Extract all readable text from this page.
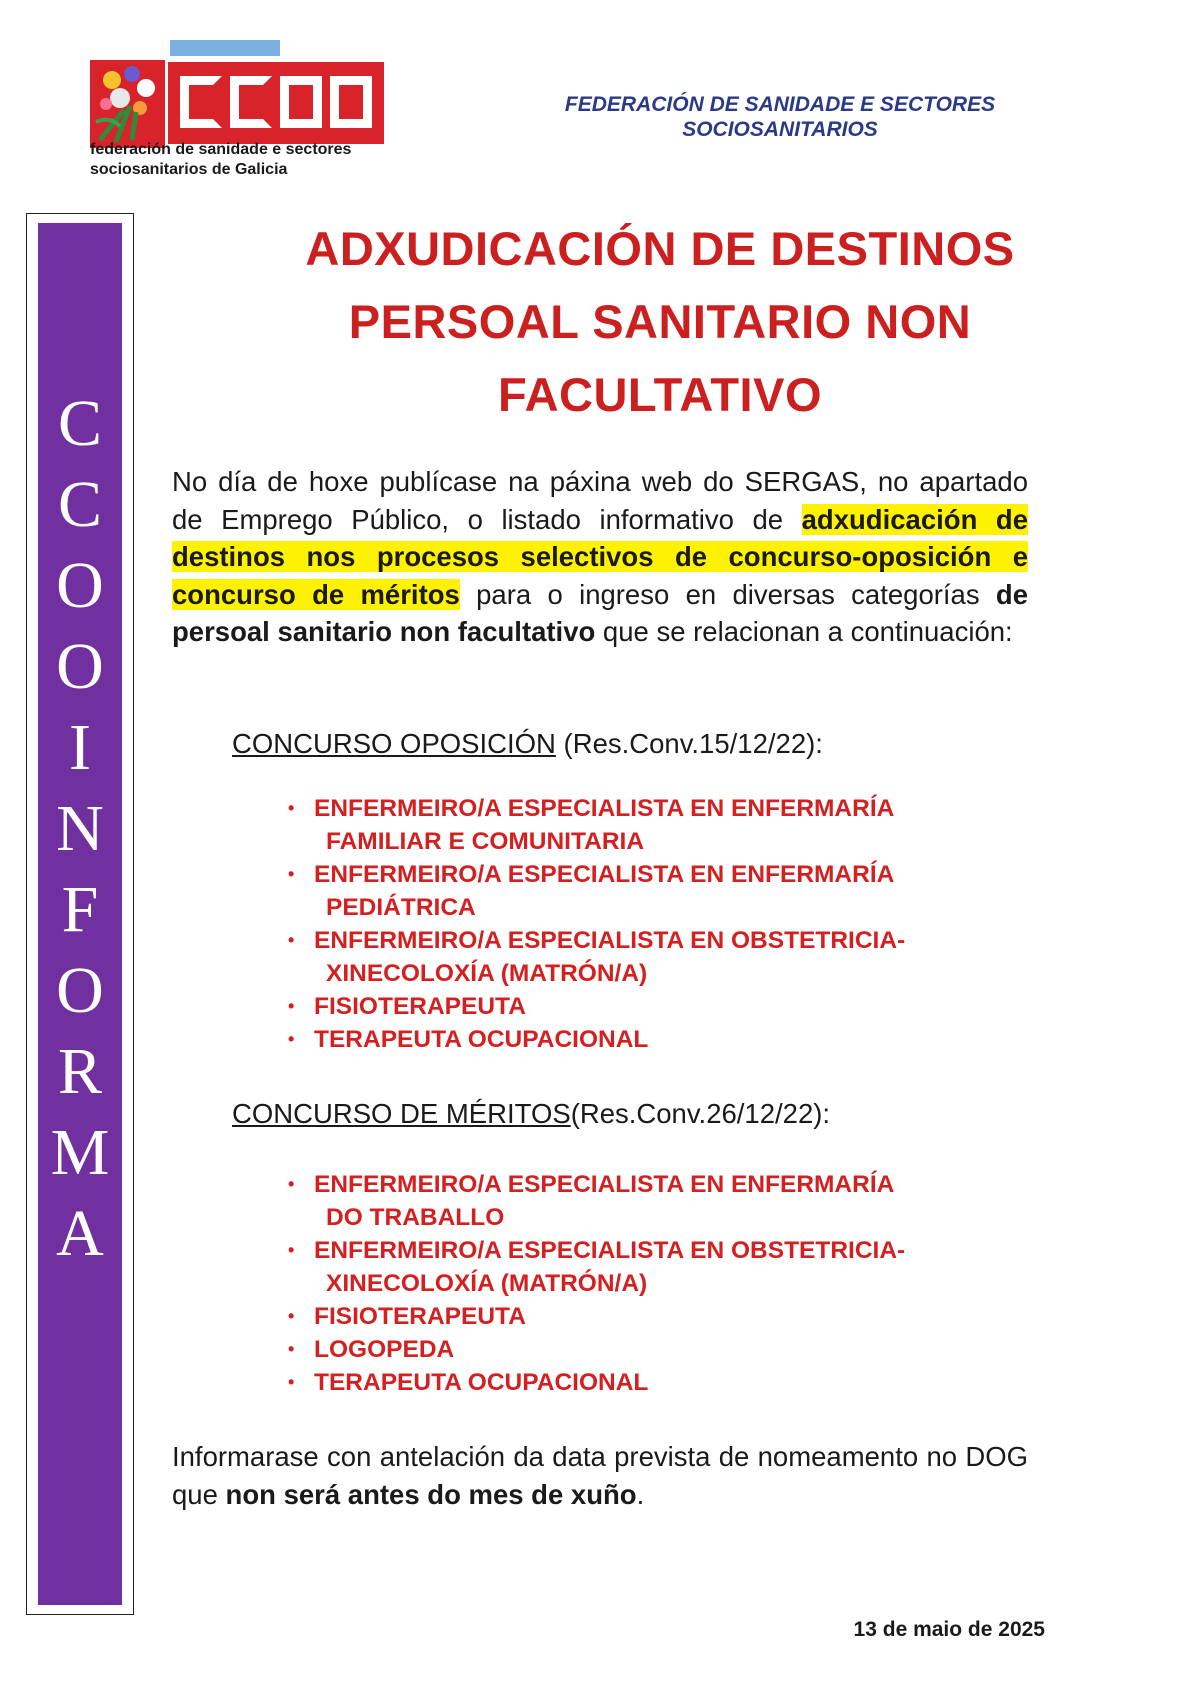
federación de sanidade e sectores
sociosanitarios de Galicia
FEDERACIÓN DE SANIDADE E SECTORES
SOCIOSANITARIOS
C
C
O
O
I
N
F
O
R
M
A
ADXUDICACIÓN DE DESTINOS
PERSOAL SANITARIO NON
FACULTATIVO
No día de hoxe publícase na páxina web do SERGAS, no apartado de Emprego Público, o listado informativo de adxudicación de destinos nos procesos selectivos de concurso-oposición e concurso de méritos para o ingreso en diversas categorías de persoal sanitario non facultativo que se relacionan a continuación:
CONCURSO OPOSICIÓN (Res.Conv.15/12/22):
• ENFERMEIRO/A ESPECIALISTA EN ENFERMARÍA
FAMILIAR E COMUNITARIA
• ENFERMEIRO/A ESPECIALISTA EN ENFERMARÍA
PEDIÁTRICA
• ENFERMEIRO/A ESPECIALISTA EN OBSTETRICIA-
XINECOLOXÍA (MATRÓN/A)
• FISIOTERAPEUTA
• TERAPEUTA OCUPACIONAL
CONCURSO DE MÉRITOS(Res.Conv.26/12/22):
• ENFERMEIRO/A ESPECIALISTA EN ENFERMARÍA
DO TRABALLO
• ENFERMEIRO/A ESPECIALISTA EN OBSTETRICIA-
XINECOLOXÍA (MATRÓN/A)
• FISIOTERAPEUTA
• LOGOPEDA
• TERAPEUTA OCUPACIONAL
Informarase con antelación da data prevista de nomeamento no DOG que non será antes do mes de xuño.
13 de maio de 2025
